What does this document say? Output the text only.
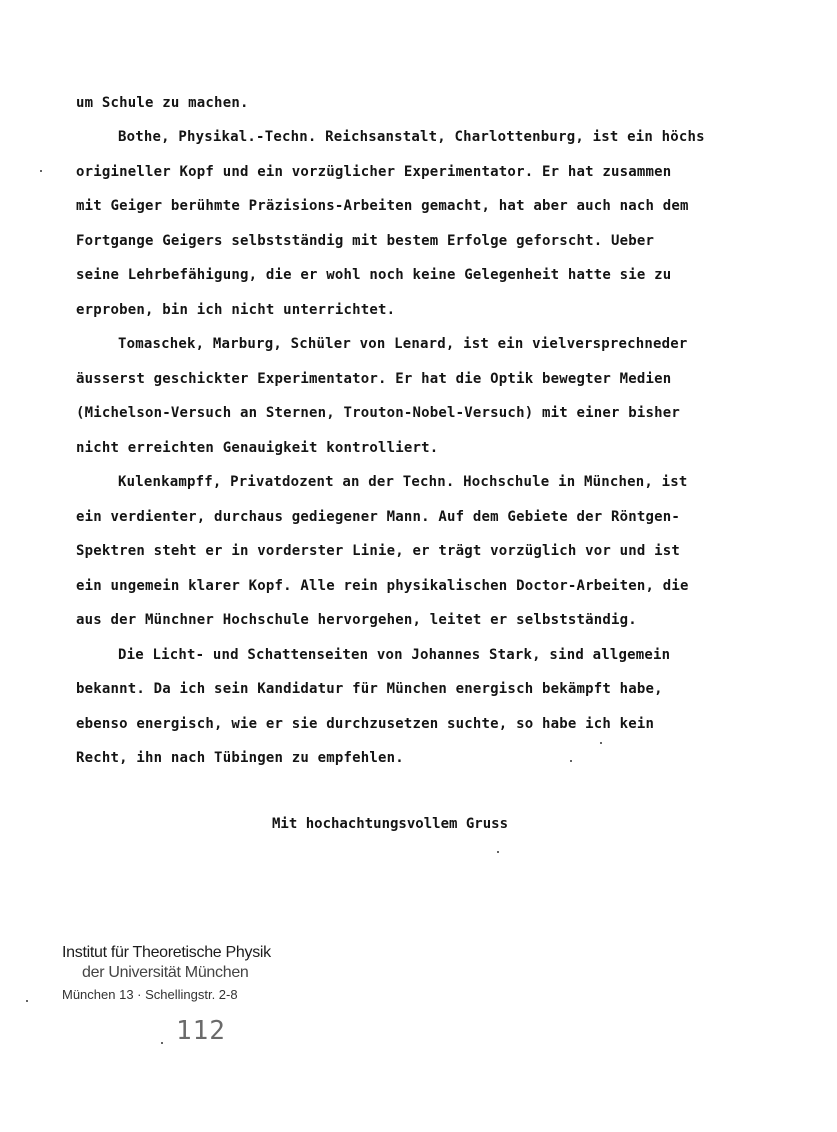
um Schule zu machen.
Bothe, Physikal.-Techn. Reichsanstalt, Charlottenburg, ist ein höchs
origineller Kopf und ein vorzüglicher Experimentator. Er hat zusammen
mit Geiger berühmte Präzisions-Arbeiten gemacht, hat aber auch nach dem
Fortgange Geigers selbstständig mit bestem Erfolge geforscht. Ueber
seine Lehrbefähigung, die er wohl noch keine Gelegenheit hatte sie zu
erproben, bin ich nicht unterrichtet.
Tomaschek, Marburg, Schüler von Lenard, ist ein vielversprechneder
äusserst geschickter Experimentator. Er hat die Optik bewegter Medien
(Michelson-Versuch an Sternen, Trouton-Nobel-Versuch) mit einer bisher
nicht erreichten Genauigkeit kontrolliert.
Kulenkampff, Privatdozent an der Techn. Hochschule in München, ist
ein verdienter, durchaus gediegener Mann. Auf dem Gebiete der Röntgen-
Spektren steht er in vorderster Linie, er trägt vorzüglich vor und ist
ein ungemein klarer Kopf. Alle rein physikalischen Doctor-Arbeiten, die
aus der Münchner Hochschule hervorgehen, leitet er selbstständig.
Die Licht- und Schattenseiten von Johannes Stark, sind allgemein
bekannt. Da ich sein Kandidatur für München energisch bekämpft habe,
ebenso energisch, wie er sie durchzusetzen suchte, so habe ich kein
Recht, ihn nach Tübingen zu empfehlen.
Mit hochachtungsvollem Gruss
Institut für Theoretische Physik
der Universität München
München 13 · Schellingstr. 2-8
112
